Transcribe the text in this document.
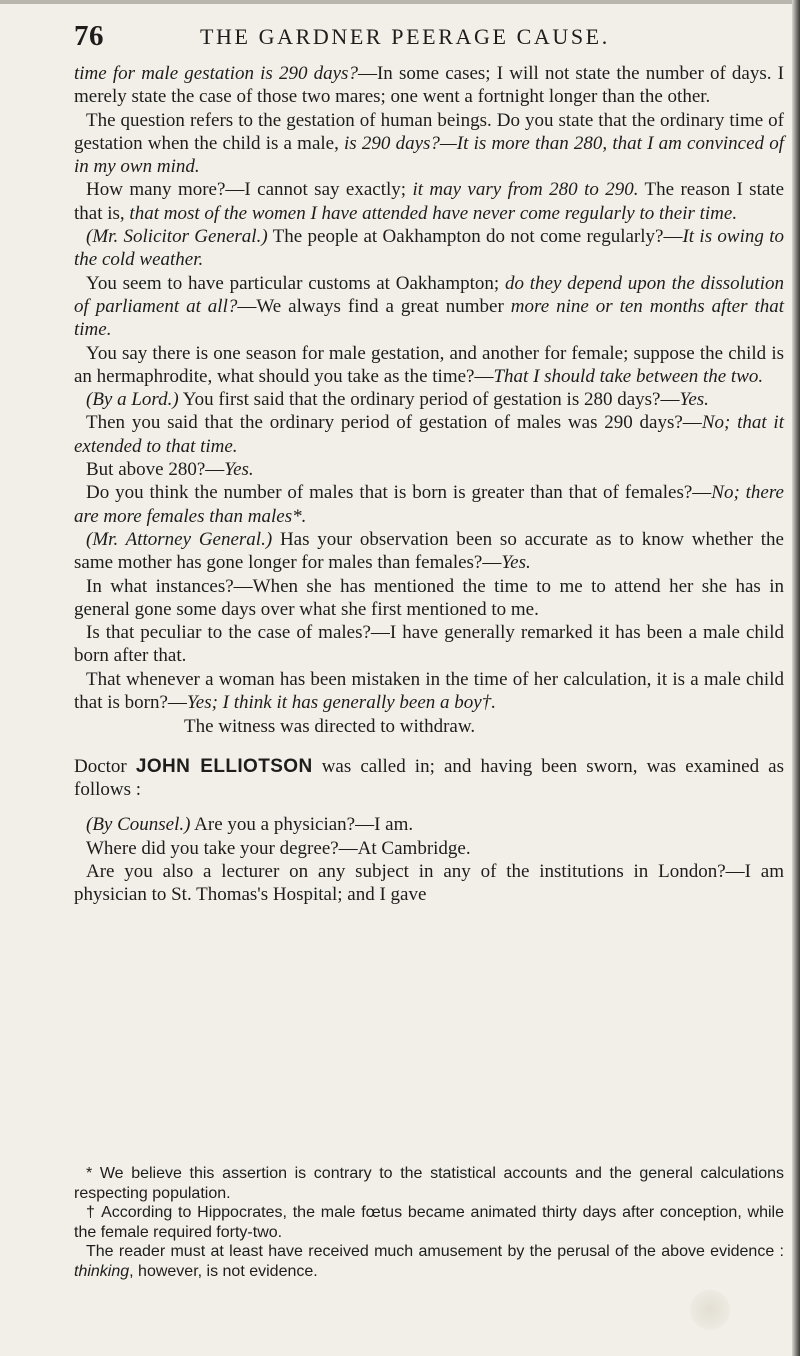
76	THE GARDNER PEERAGE CAUSE.

time for male gestation is 290 days?—In some cases; I will not state the number of days. I merely state the case of those two mares; one went a fortnight longer than the other.

The question refers to the gestation of human beings. Do you state that the ordinary time of gestation when the child is a male, is 290 days?—It is more than 280, that I am convinced of in my own mind.

How many more?—I cannot say exactly; it may vary from 280 to 290. The reason I state that is, that most of the women I have attended have never come regularly to their time.

(Mr. Solicitor General.) The people at Oakhampton do not come regularly?—It is owing to the cold weather.

You seem to have particular customs at Oakhampton; do they depend upon the dissolution of parliament at all?—We always find a great number more nine or ten months after that time.

You say there is one season for male gestation, and another for female; suppose the child is an hermaphrodite, what should you take as the time?—That I should take between the two.

(By a Lord.) You first said that the ordinary period of gestation is 280 days?—Yes.

Then you said that the ordinary period of gestation of males was 290 days?—No; that it extended to that time.

But above 280?—Yes.

Do you think the number of males that is born is greater than that of females?—No; there are more females than males*.

(Mr. Attorney General.) Has your observation been so accurate as to know whether the same mother has gone longer for males than females?—Yes.

In what instances?—When she has mentioned the time to me to attend her she has in general gone some days over what she first mentioned to me.

Is that peculiar to the case of males?—I have generally remarked it has been a male child born after that.

That whenever a woman has been mistaken in the time of her calculation, it is a male child that is born?—Yes; I think it has generally been a boy†.

The witness was directed to withdraw.

Doctor JOHN ELLIOTSON was called in; and having been sworn, was examined as follows :

(By Counsel.) Are you a physician?—I am.

Where did you take your degree?—At Cambridge.

Are you also a lecturer on any subject in any of the institutions in London?—I am physician to St. Thomas's Hospital; and I gave

* We believe this assertion is contrary to the statistical accounts and the general calculations respecting population.

† According to Hippocrates, the male fœtus became animated thirty days after conception, while the female required forty-two.

The reader must at least have received much amusement by the perusal of the above evidence : thinking, however, is not evidence.
